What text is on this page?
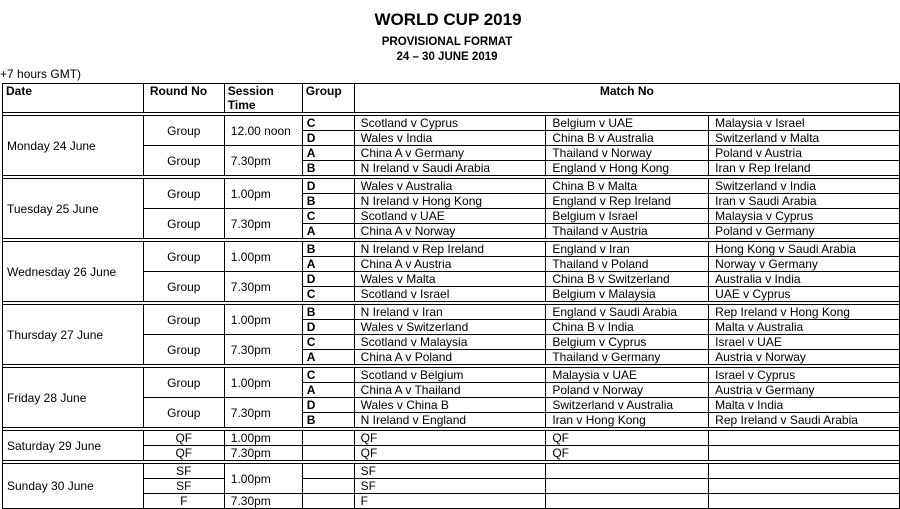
WORLD CUP 2019
PROVISIONAL FORMAT
24 – 30 JUNE 2019
+7 hours GMT)
Date	Round No	Session Time	Group	Match No		

Monday 24 June	Group	12.00 noon	C	Scotland v Cyprus	Belgium v UAE	Malaysia v Israel
			D	Wales v India	China B v Australia	Switzerland v Malta
	Group	7.30pm	A	China A v Germany	Thailand v Norway	Poland v Austria
			B	N Ireland v Saudi Arabia	England v Hong Kong	Iran v Rep Ireland

Tuesday 25 June	Group	1.00pm	D	Wales v Australia	China B v Malta	Switzerland v India
			B	N Ireland v Hong Kong	England v Rep Ireland	Iran v Saudi Arabia
	Group	7.30pm	C	Scotland v UAE	Belgium v Israel	Malaysia v Cyprus
			A	China A v Norway	Thailand v Austria	Poland v Germany

Wednesday 26 June	Group	1.00pm	B	N Ireland v Rep Ireland	England v Iran	Hong Kong v Saudi Arabia
			A	China A v Austria	Thailand v Poland	Norway v Germany
	Group	7.30pm	D	Wales v Malta	China B v Switzerland	Australia v India
			C	Scotland v Israel	Belgium v Malaysia	UAE v Cyprus

Thursday 27 June	Group	1.00pm	B	N Ireland v Iran	England v Saudi Arabia	Rep Ireland v Hong Kong
			D	Wales v Switzerland	China B v India	Malta v Australia
	Group	7.30pm	C	Scotland v Malaysia	Belgium v Cyprus	Israel v UAE
			A	China A v Poland	Thailand v Germany	Austria v Norway

Friday 28 June	Group	1.00pm	C	Scotland v Belgium	Malaysia v UAE	Israel v Cyprus
			A	China A v Thailand	Poland v Norway	Austria v Germany
	Group	7.30pm	D	Wales v China B	Switzerland v Australia	Malta v India
			B	N Ireland v England	Iran v Hong Kong	Rep Ireland v Saudi Arabia

Saturday 29 June	QF	1.00pm		QF	QF	
	QF	7.30pm		QF	QF	

Sunday 30 June	SF	1.00pm		SF		
	SF			SF		
	F	7.30pm		F		
